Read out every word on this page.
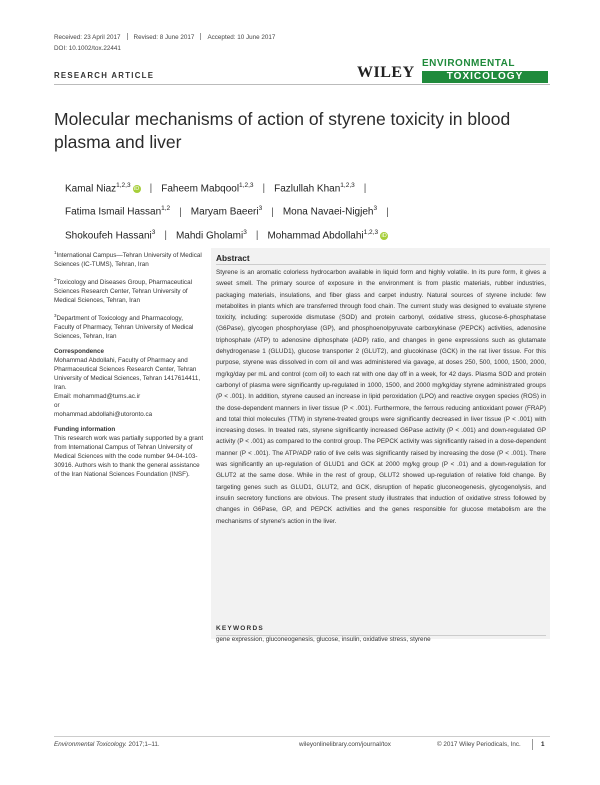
Received: 23 April 2017 Revised: 8 June 2017 Accepted: 10 June 2017
DOI: 10.1002/tox.22441
RESEARCH ARTICLE	WILEY
ENVIRONMENTAL
TOXICOLOGY
Molecular mechanisms of action of styrene toxicity in blood plasma and liver
Kamal Niaz$^{1,2,3}$iD | Faheem Mabqool$^{1,2,3}$ | Fazlullah Khan$^{1,2,3}$ |
Fatima Ismail Hassan$^{1,2}$ | Maryam Baeeri$^3$ | Mona Navaei-Nigjeh$^3$ |
Shokoufeh Hassani$^3$ | Mahdi Gholami$^3$ | Mohammad Abdollahi$^{1,2,3}$iD

$^1$International Campus—Tehran University of Medical Sciences (IC-TUMS), Tehran, Iran

$^2$Toxicology and Diseases Group, Pharmaceutical Sciences Research Center, Tehran University of Medical Sciences, Tehran, Iran

$^3$Department of Toxicology and Pharmacology, Faculty of Pharmacy, Tehran University of Medical Sciences, Tehran, Iran

Correspondence

Mohammad Abdollahi, Faculty of Pharmacy and Pharmaceutical Sciences Research Center, Tehran University of Medical Sciences, Tehran 1417614411, Iran.

Email: mohammad@tums.ac.ir

or

mohammad.abdollahi@utoronto.ca

Funding information

This research work was partially supported by a grant from International Campus of Tehran University of Medical Sciences with the code number 94-04-103-30916. Authors wish to thank the general assistance of the Iran National Sciences Foundation (INSF).

Abstract
Styrene is an aromatic colorless hydrocarbon available in liquid form and highly volatile. In its pure form, it gives a sweet smell. The primary source of exposure in the environment is from plastic materials, rubber industries, packaging materials, insulations, and fiber glass and carpet industry. Natural sources of styrene include: few metabolites in plants which are transferred through food chain. The current study was designed to evaluate styrene toxicity, including: superoxide dismutase (SOD) and protein carbonyl, oxidative stress, glucose-6-phosphatase (G6Pase), glycogen phosphorylase (GP), and phosphoenolpyruvate carboxykinase (PEPCK) activities, adenosine triphosphate (ATP) to adenosine diphosphate (ADP) ratio, and changes in gene expressions such as glutamate dehydrogenase 1 (GLUD1), glucose transporter 2 (GLUT2), and glucokinase (GCK) in the rat liver tissue. For this purpose, styrene was dissolved in corn oil and was administered via gavage, at doses 250, 500, 1000, 1500, 2000, mg/kg/day per mL and control (corn oil) to each rat with one day off in a week, for 42 days. Plasma SOD and protein carbonyl of plasma were significantly up-regulated in 1000, 1500, and 2000 mg/kg/day styrene administrated groups (P < .001). In addition, styrene caused an increase in lipid peroxidation (LPO) and reactive oxygen species (ROS) in the dose-dependent manners in liver tissue (P < .001). Furthermore, the ferrous reducing antioxidant power (FRAP) and total thiol molecules (TTM) in styrene-treated groups were significantly decreased in liver tissue (P < .001) with increasing doses. In treated rats, styrene significantly increased G6Pase activity (P < .001) and down-regulated GP activity (P < .001) as compared to the control group. The PEPCK activity was significantly raised in a dose-dependent manner (P < .001). The ATP/ADP ratio of live cells was significantly raised by increasing the dose (P < .001). There was significantly an up-regulation of GLUD1 and GCK at 2000 mg/kg group (P < .01) and a down-regulation for GLUT2 at the same dose. While in the rest of group, GLUT2 showed up-regulation of relative fold change. By targeting genes such as GLUD1, GLUT2, and GCK, disruption of hepatic gluconeogenesis, glycogenolysis, and insulin secretory functions are obvious. The present study illustrates that induction of oxidative stress followed by changes in G6Pase, GP, and PEPCK activities and the genes responsible for glucose metabolism are the mechanisms of styrene's action in the liver.
KEYWORDS
gene expression, gluconeogenesis, glucose, insulin, oxidative stress, styrene
Environmental Toxicology. 2017;1–11.	wileyonlinelibrary.com/journal/tox	© 2017 Wiley Periodicals, Inc.	1
